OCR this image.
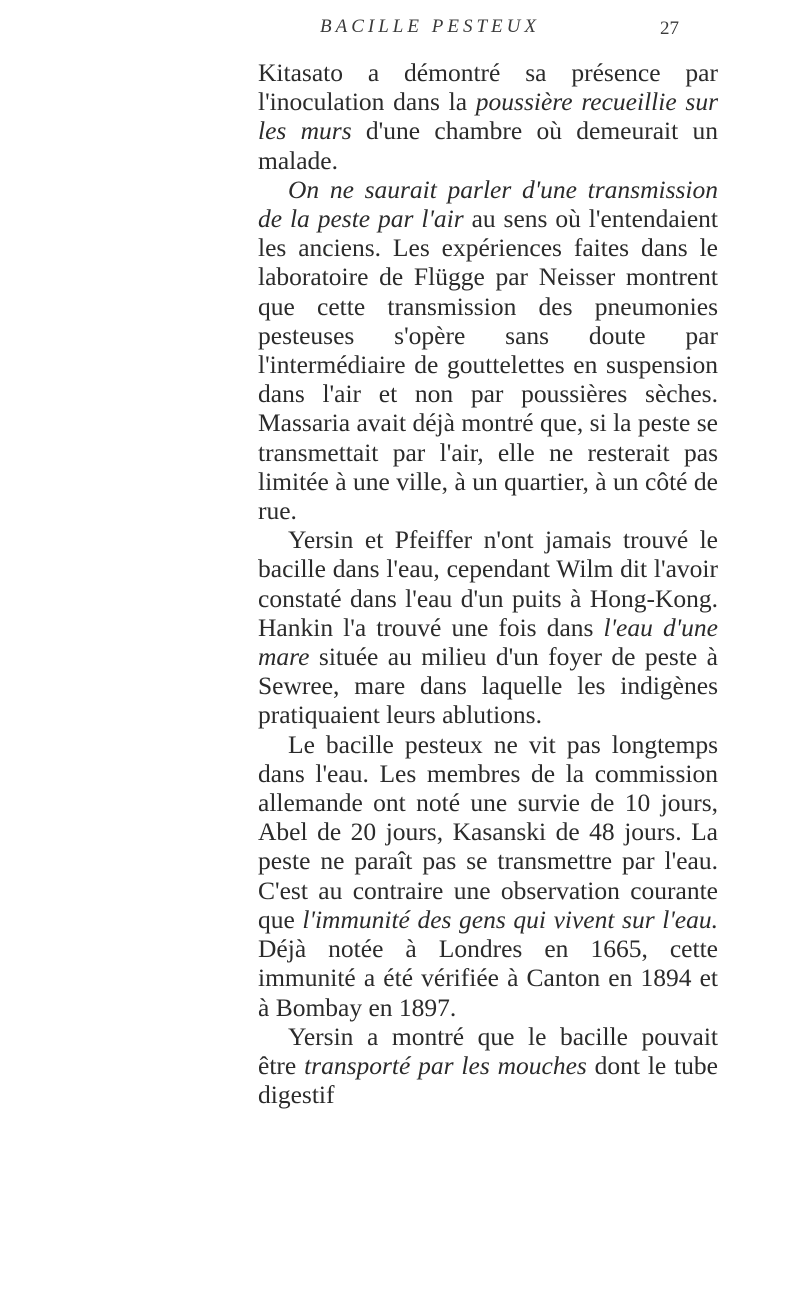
BACILLE PESTEUX	27

Kitasato a démontré sa présence par l'inoculation dans la poussière recueillie sur les murs d'une chambre où demeurait un malade.

On ne saurait parler d'une transmission de la peste par l'air au sens où l'entendaient les anciens. Les expériences faites dans le laboratoire de Flügge par Neisser montrent que cette transmission des pneumonies pesteuses s'opère sans doute par l'intermédiaire de gouttelettes en suspension dans l'air et non par poussières sèches. Massaria avait déjà montré que, si la peste se transmettait par l'air, elle ne resterait pas limitée à une ville, à un quartier, à un côté de rue.

Yersin et Pfeiffer n'ont jamais trouvé le bacille dans l'eau, cependant Wilm dit l'avoir constaté dans l'eau d'un puits à Hong-Kong. Hankin l'a trouvé une fois dans l'eau d'une mare située au milieu d'un foyer de peste à Sewree, mare dans laquelle les indigènes pratiquaient leurs ablutions.

Le bacille pesteux ne vit pas longtemps dans l'eau. Les membres de la commission allemande ont noté une survie de 10 jours, Abel de 20 jours, Kasanski de 48 jours. La peste ne paraît pas se transmettre par l'eau. C'est au contraire une observation courante que l'immunité des gens qui vivent sur l'eau. Déjà notée à Londres en 1665, cette immunité a été vérifiée à Canton en 1894 et à Bombay en 1897.

Yersin a montré que le bacille pouvait être transporté par les mouches dont le tube digestif
